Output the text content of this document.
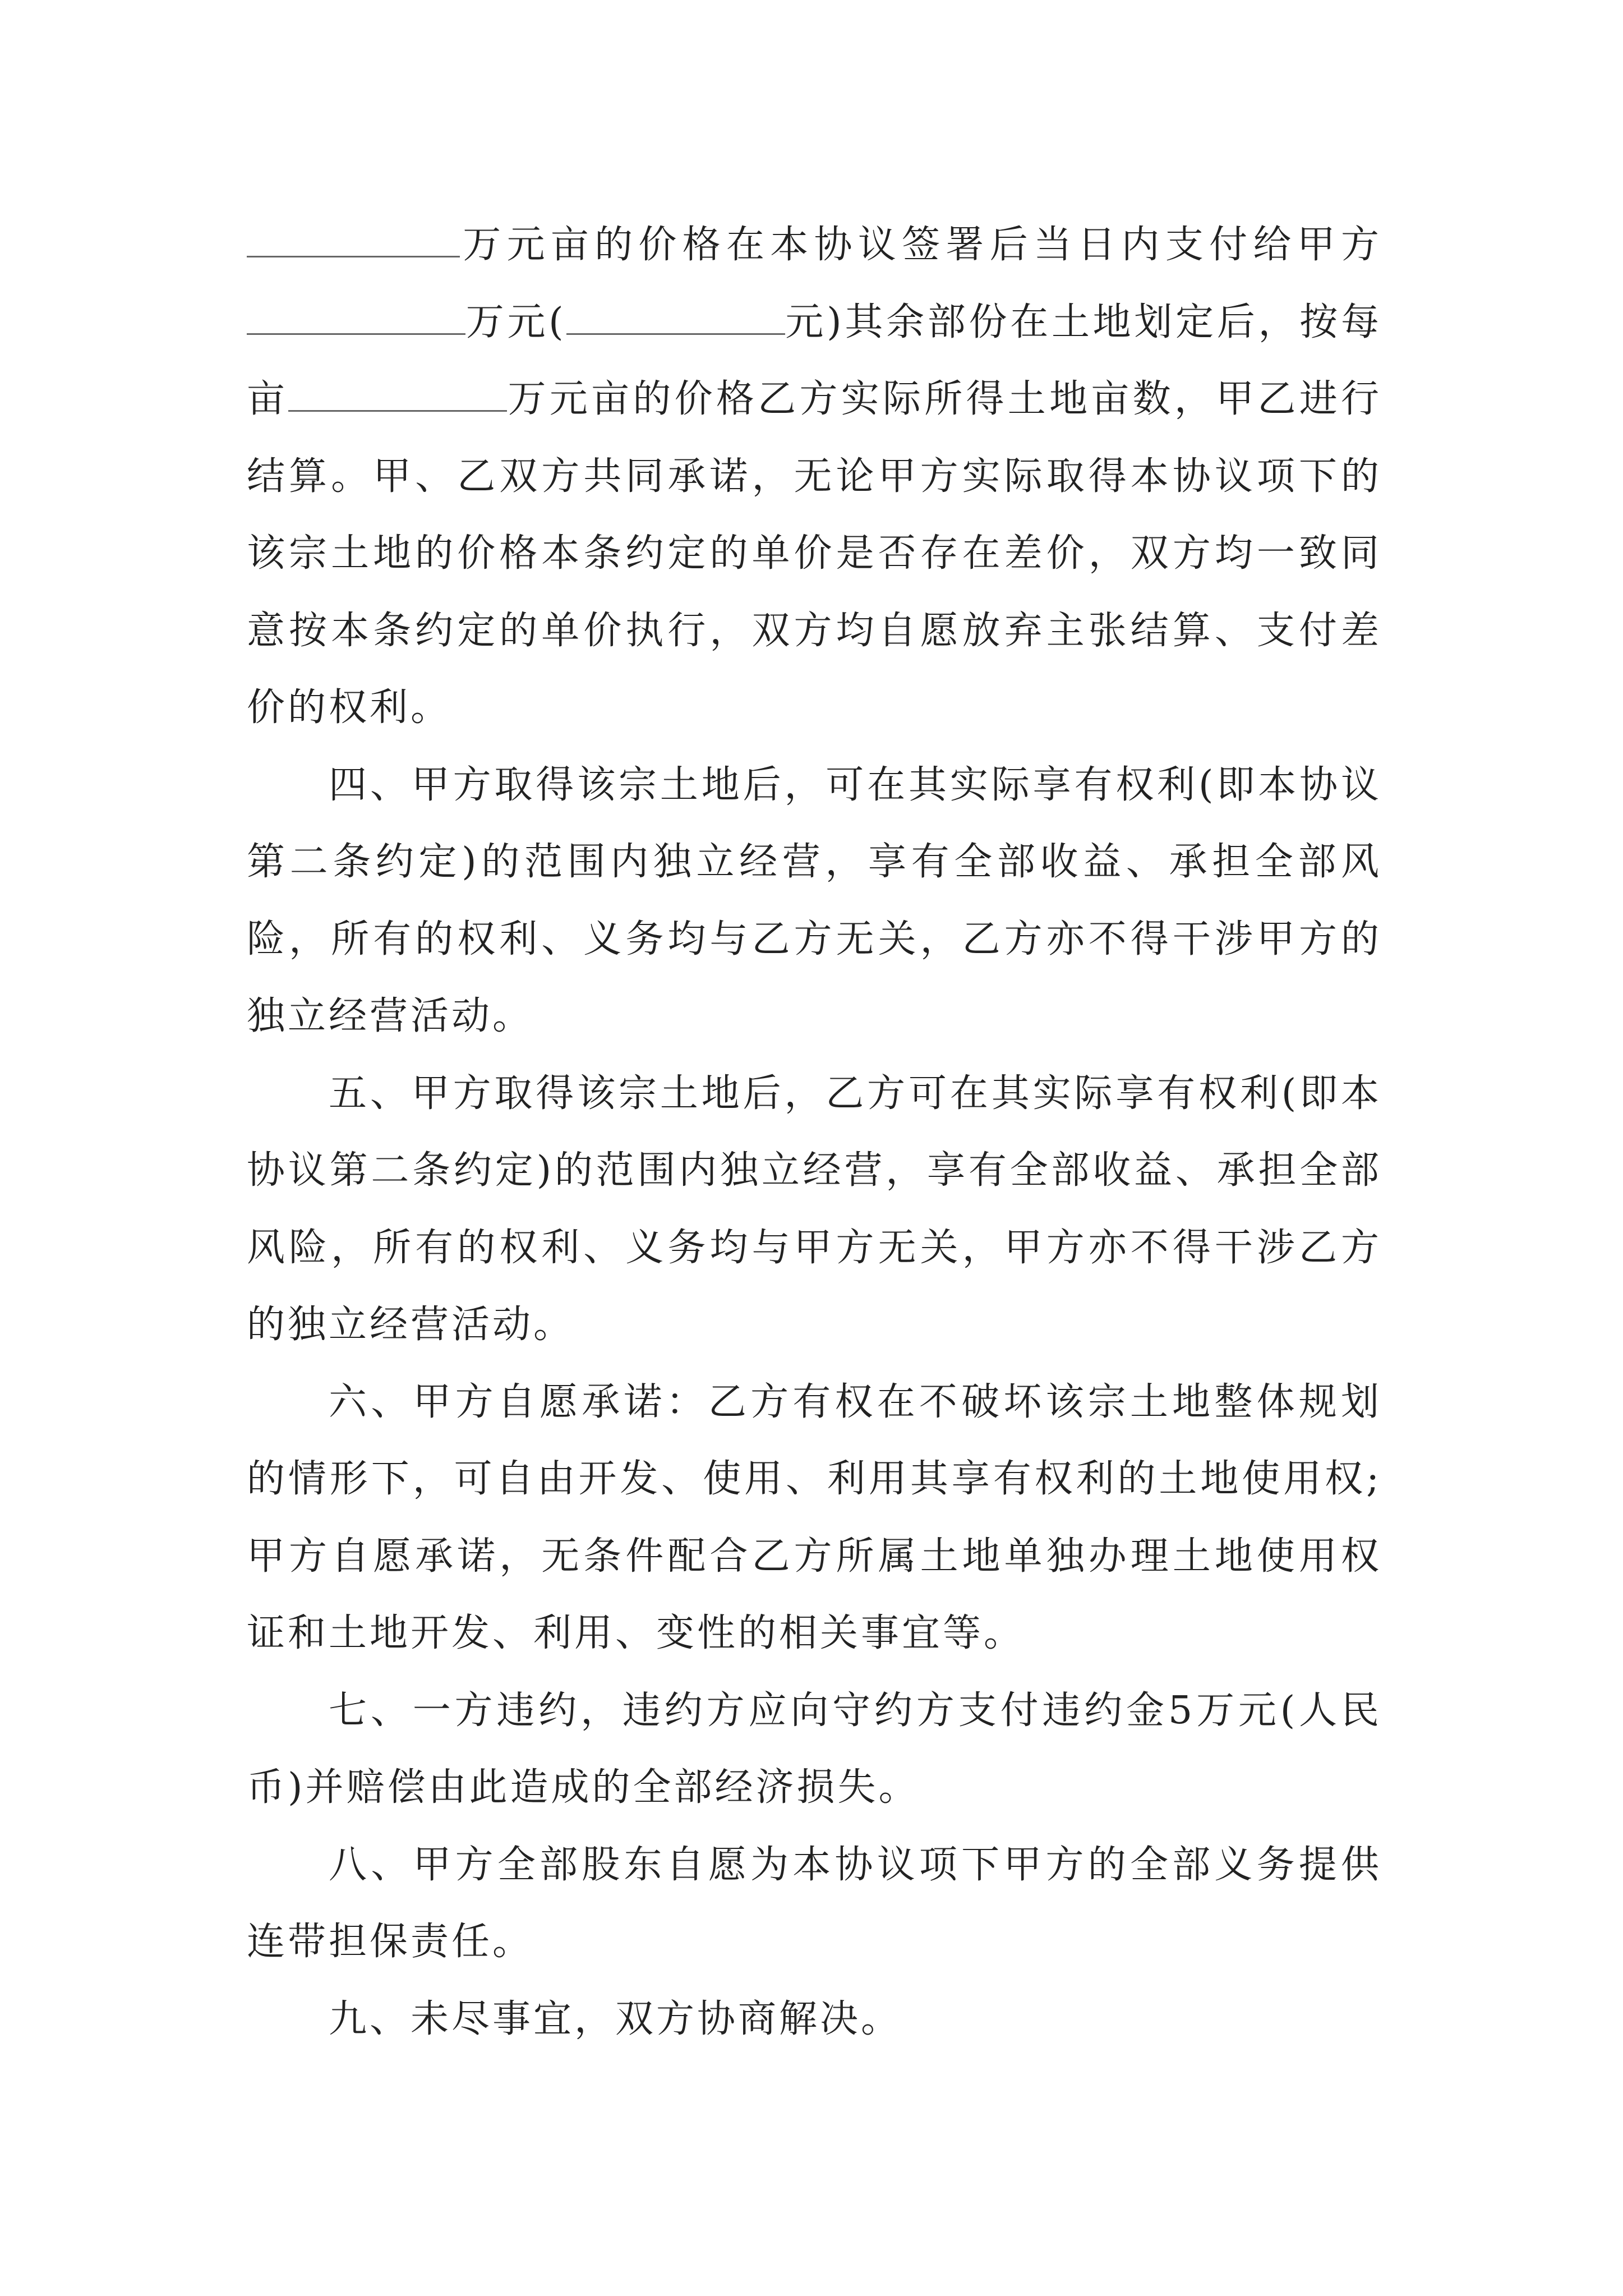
万元亩的价格在本协议签署后当日内支付给甲方万元(	元)其余部份在土地划定后，按每亩	万元亩的价格乙方实际所得土地亩数，甲乙进行结算。甲、乙双方共同承诺，无论甲方实际取得本协议项下的该宗土地的价格本条约定的单价是否存在差价，双方均一致同意按本条约定的单价执行，双方均自愿放弃主张结算、支付差价的权利。

四、甲方取得该宗土地后，可在其实际享有权利(即本协议第二条约定)的范围内独立经营，享有全部收益、承担全部风险，所有的权利、义务均与乙方无关，乙方亦不得干涉甲方的独立经营活动。

五、甲方取得该宗土地后，乙方可在其实际享有权利(即本协议第二条约定)的范围内独立经营，享有全部收益、承担全部风险，所有的权利、义务均与甲方无关，甲方亦不得干涉乙方的独立经营活动。

六、甲方自愿承诺：乙方有权在不破坏该宗土地整体规划的情形下，可自由开发、使用、利用其享有权利的土地使用权;甲方自愿承诺，无条件配合乙方所属土地单独办理土地使用权证和土地开发、利用、变性的相关事宜等。

七、一方违约，违约方应向守约方支付违约金5万元(人民币)并赔偿由此造成的全部经济损失。

八、甲方全部股东自愿为本协议项下甲方的全部义务提供连带担保责任。

九、未尽事宜，双方协商解决。
